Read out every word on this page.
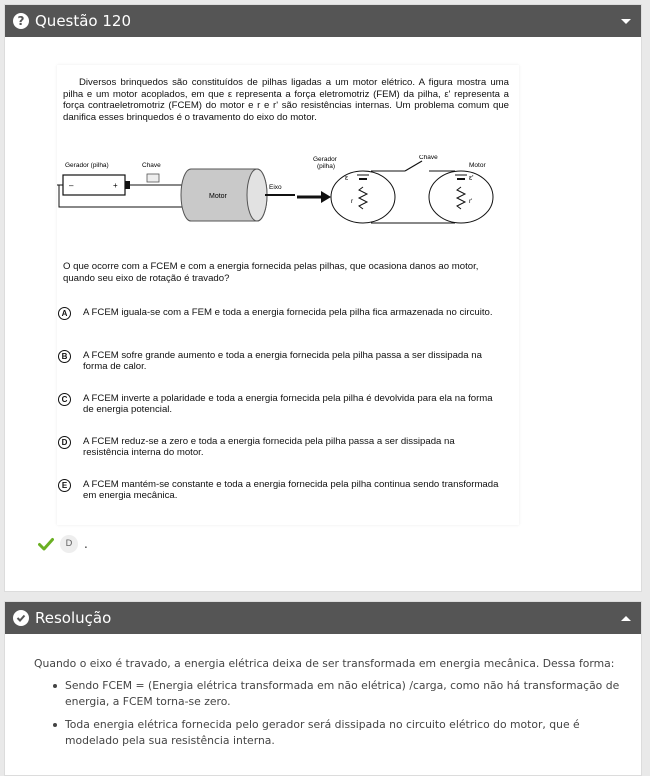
? Questão 120
Diversos brinquedos são constituídos de pilhas ligadas a um motor elétrico. A figura mostra uma pilha e um motor acoplados, em que ε representa a força eletromotriz (FEM) da pilha, ε' representa a força contraeletromotriz (FCEM) do motor e r e r' são resistências internas. Um problema comum que danifica esses brinquedos é o travamento do eixo do motor.
Gerador (pilha)
–	+
Chave
Motor
Eixo
Gerador
(pilha)
Chave
Motor
ε
r
ε'
r'
O que ocorre com a FCEM e com a energia fornecida pelas pilhas, que ocasiona danos ao motor, quando seu eixo de rotação é travado?
A	A FCEM iguala-se com a FEM e toda a energia fornecida pela pilha fica armazenada no circuito.
B	A FCEM sofre grande aumento e toda a energia fornecida pela pilha passa a ser dissipada na forma de calor.
C	A FCEM inverte a polaridade e toda a energia fornecida pela pilha é devolvida para ela na forma de energia potencial.
D	A FCEM reduz-se a zero e toda a energia fornecida pela pilha passa a ser dissipada na resistência interna do motor.
E	A FCEM mantém-se constante e toda a energia fornecida pela pilha continua sendo transformada em energia mecânica.
D .
Resolução
Quando o eixo é travado, a energia elétrica deixa de ser transformada em energia mecânica. Dessa forma:
Sendo FCEM = (Energia elétrica transformada em não elétrica) /carga, como não há transformação de energia, a FCEM torna-se zero.
Toda energia elétrica fornecida pelo gerador será dissipada no circuito elétrico do motor, que é modelado pela sua resistência interna.
